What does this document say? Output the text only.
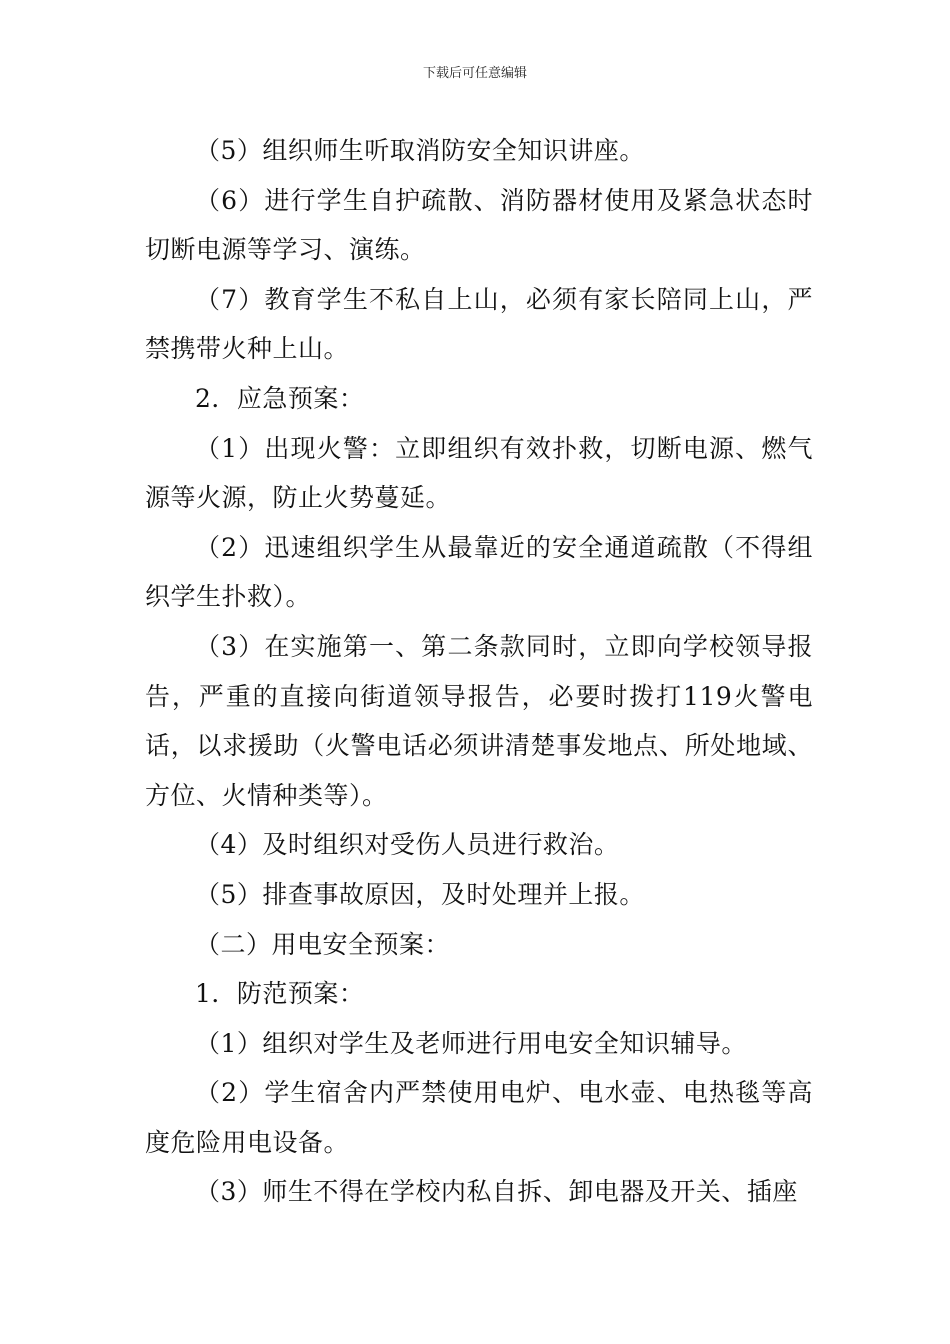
下载后可任意编辑

（5）组织师生听取消防安全知识讲座。

（6）进行学生自护疏散、消防器材使用及紧急状态时切断电源等学习、演练。

（7）教育学生不私自上山，必须有家长陪同上山，严禁携带火种上山。

2．应急预案：

（1）出现火警：立即组织有效扑救，切断电源、燃气源等火源，防止火势蔓延。

（2）迅速组织学生从最靠近的安全通道疏散（不得组织学生扑救）。

（3）在实施第一、第二条款同时，立即向学校领导报告，严重的直接向街道领导报告，必要时拨打119火警电话，以求援助（火警电话必须讲清楚事发地点、所处地域、方位、火情种类等）。

（4）及时组织对受伤人员进行救治。

（5）排查事故原因，及时处理并上报。

（二）用电安全预案：

1．防范预案：

（1）组织对学生及老师进行用电安全知识辅导。

（2）学生宿舍内严禁使用电炉、电水壶、电热毯等高度危险用电设备。

（3）师生不得在学校内私自拆、卸电器及开关、插座
